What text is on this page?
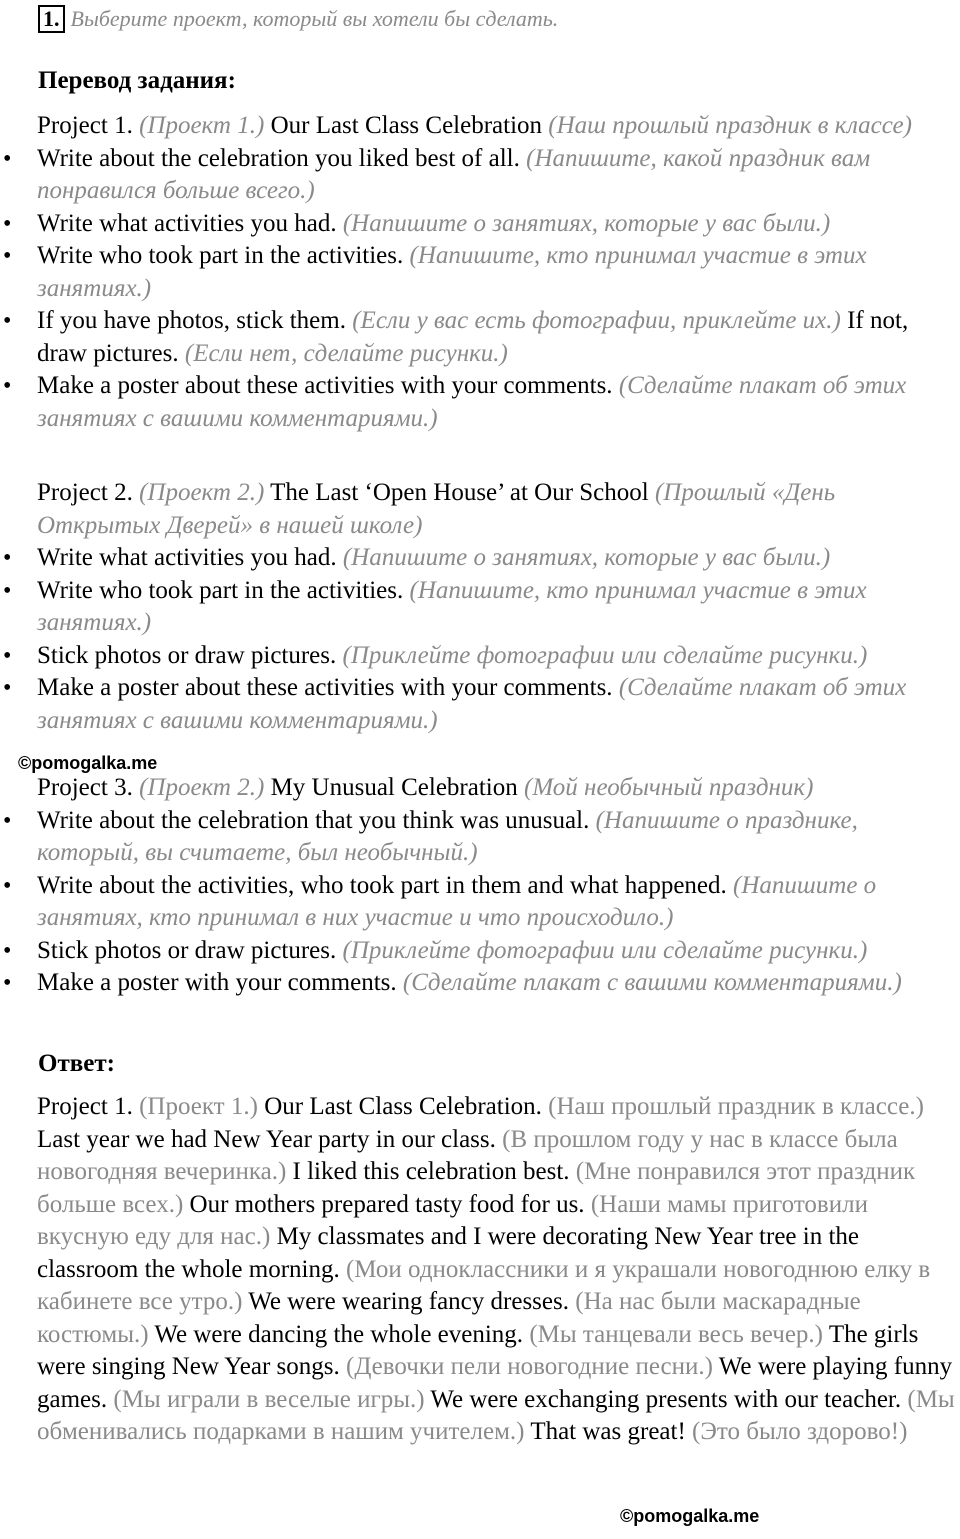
1. Выберите проект, который вы хотели бы сделать.
Перевод задания:

Project 1. (Проект 1.) Our Last Class Celebration (Наш прошлый праздник в классе)

• Write about the celebration you liked best of all. (Напишите, какой праздник вам понравился больше всего.)
• Write what activities you had. (Напишите о занятиях, которые у вас были.)
• Write who took part in the activities. (Напишите, кто принимал участие в этих занятиях.)
• If you have photos, stick them. (Если у вас есть фотографии, приклейте их.) If not, draw pictures. (Если нет, сделайте рисунки.)
• Make a poster about these activities with your comments. (Сделайте плакат об этих занятиях с вашими комментариями.)

Project 2. (Проект 2.) The Last ‘Open House’ at Our School (Прошлый «День Открытых Дверей» в нашей школе)

• Write what activities you had. (Напишите о занятиях, которые у вас были.)
• Write who took part in the activities. (Напишите, кто принимал участие в этих занятиях.)
• Stick photos or draw pictures. (Приклейте фотографии или сделайте рисунки.)
• Make a poster about these activities with your comments. (Сделайте плакат об этих занятиях с вашими комментариями.)
©pomogalka.me

Project 3. (Проект 2.) My Unusual Celebration (Мой необычный праздник)

• Write about the celebration that you think was unusual. (Напишите о празднике, который, вы считаете, был необычный.)
• Write about the activities, who took part in them and what happened. (Напишите о занятиях, кто принимал в них участие и что происходило.)
• Stick photos or draw pictures. (Приклейте фотографии или сделайте рисунки.)
• Make a poster with your comments. (Сделайте плакат с вашими комментариями.)
Ответ:

Project 1. (Проект 1.) Our Last Class Celebration. (Наш прошлый праздник в классе.)

Last year we had New Year party in our class. (В прошлом году у нас в классе была новогодняя вечеринка.) I liked this celebration best. (Мне понравился этот праздник больше всех.) Our mothers prepared tasty food for us. (Наши мамы приготовили вкусную еду для нас.) My classmates and I were decorating New Year tree in the classroom the whole morning. (Мои одноклассники и я украшали новогоднюю елку в кабинете все утро.) We were wearing fancy dresses. (На нас были маскарадные костюмы.) We were dancing the whole evening. (Мы танцевали весь вечер.) The girls were singing New Year songs. (Девочки пели новогодние песни.) We were playing funny games. (Мы играли в веселые игры.) We were exchanging presents with our teacher. (Мы обменивались подарками в нашим учителем.) That was great! (Это было здорово!)

©pomogalka.me
